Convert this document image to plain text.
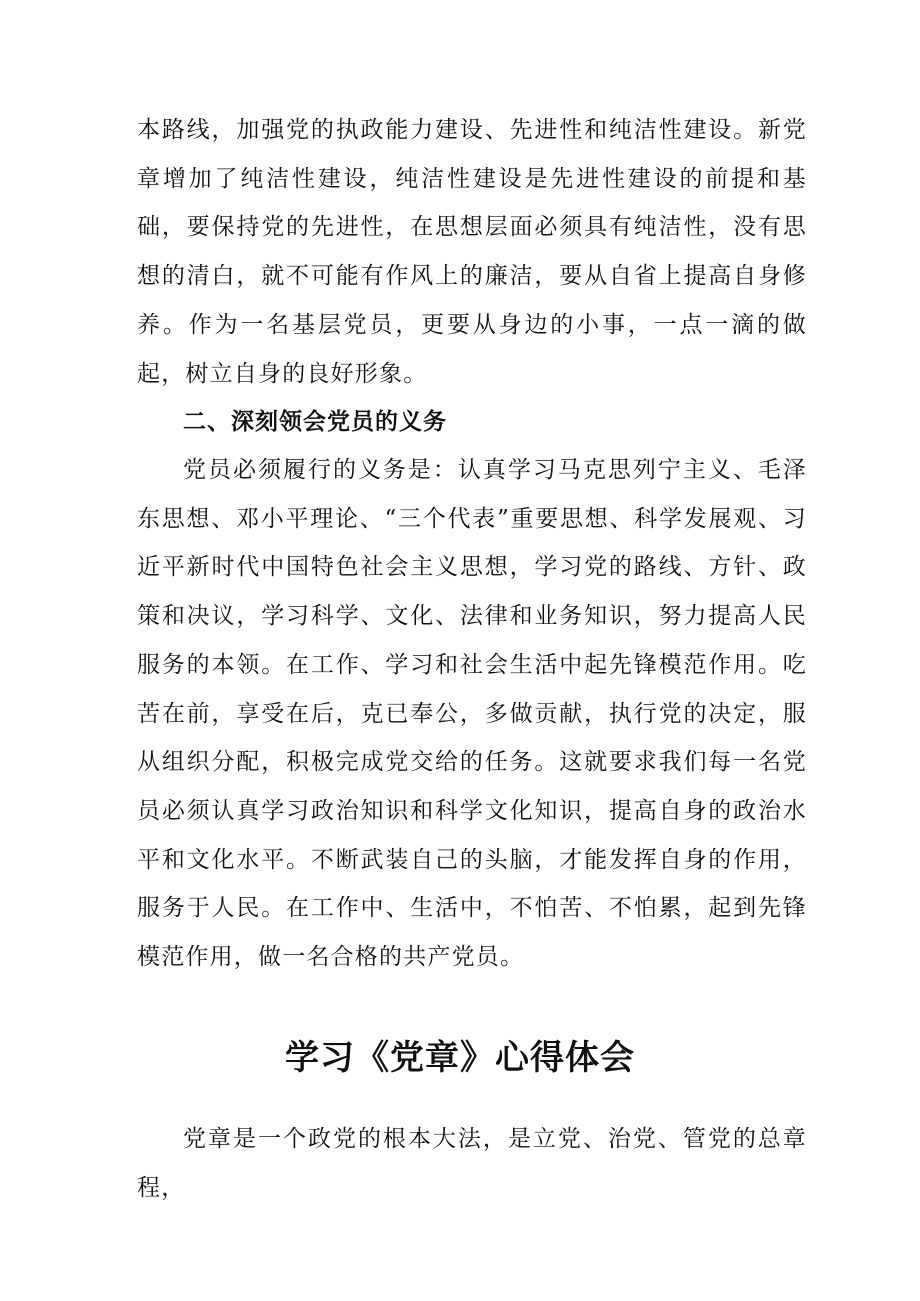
本路线，加强党的执政能力建设、先进性和纯洁性建设。新党章增加了纯洁性建设，纯洁性建设是先进性建设的前提和基础，要保持党的先进性，在思想层面必须具有纯洁性，没有思想的清白，就不可能有作风上的廉洁，要从自省上提高自身修养。作为一名基层党员，更要从身边的小事，一点一滴的做起，树立自身的良好形象。

二、深刻领会党员的义务

党员必须履行的义务是：认真学习马克思列宁主义、毛泽东思想、邓小平理论、“三个代表”重要思想、科学发展观、习近平新时代中国特色社会主义思想，学习党的路线、方针、政策和决议，学习科学、文化、法律和业务知识，努力提高人民服务的本领。在工作、学习和社会生活中起先锋模范作用。吃苦在前，享受在后，克已奉公，多做贡献，执行党的决定，服从组织分配，积极完成党交给的任务。这就要求我们每一名党员必须认真学习政治知识和科学文化知识，提高自身的政治水平和文化水平。不断武装自己的头脑，才能发挥自身的作用，服务于人民。在工作中、生活中，不怕苦、不怕累，起到先锋模范作用，做一名合格的共产党员。

学习《党章》心得体会

党章是一个政党的根本大法，是立党、治党、管党的总章程，
